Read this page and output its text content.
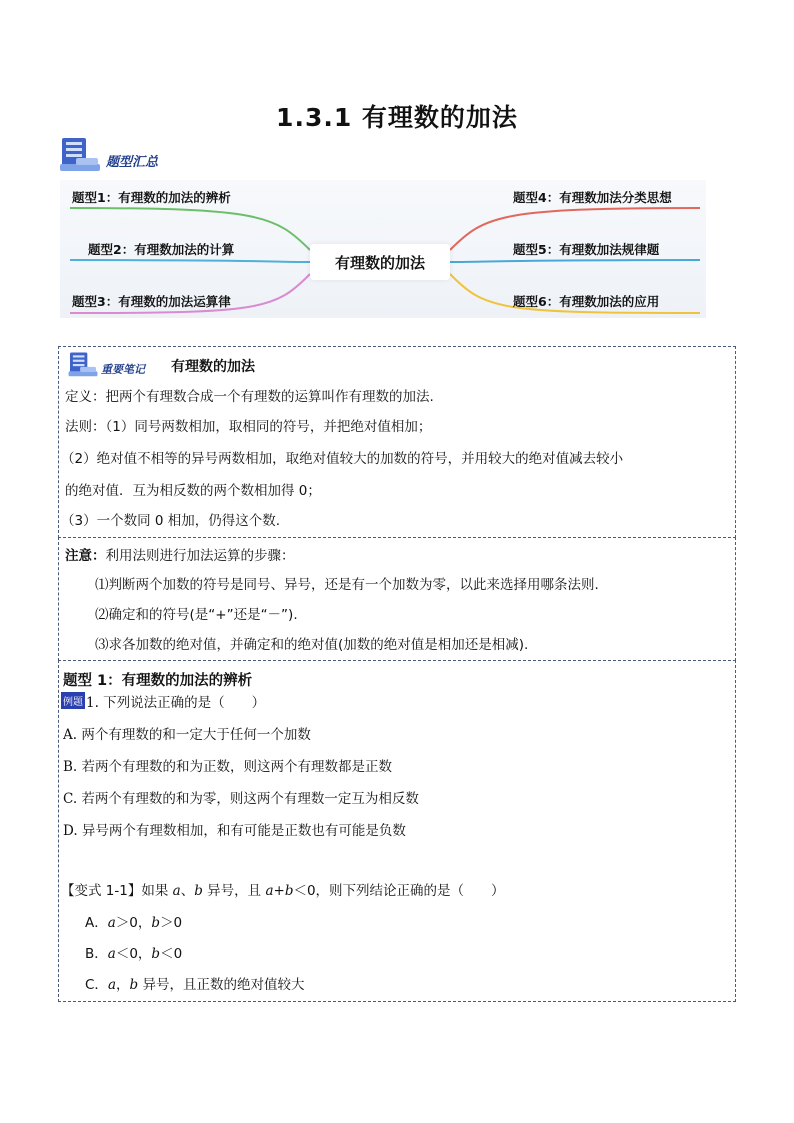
1.3.1 有理数的加法
题型汇总
题型1：有理数的加法的辨析
题型2：有理数加法的计算
题型3：有理数的加法运算律
题型4：有理数加法分类思想
题型5：有理数加法规律题
题型6：有理数加法的应用
有理数的加法
重要笔记 有理数的加法
定义：把两个有理数合成一个有理数的运算叫作有理数的加法.
法则：（1）同号两数相加，取相同的符号，并把绝对值相加；
（2）绝对值不相等的异号两数相加，取绝对值较大的加数的符号，并用较大的绝对值减去较小
的绝对值．互为相反数的两个数相加得 0；
（3）一个数同 0 相加，仍得这个数.
注意：利用法则进行加法运算的步骤：
⑴判断两个加数的符号是同号、异号，还是有一个加数为零，以此来选择用哪条法则.
⑵确定和的符号(是“+”还是“－”).
⑶求各加数的绝对值，并确定和的绝对值(加数的绝对值是相加还是相减).
题型 1：有理数的加法的辨析
例题 1. 下列说法正确的是（　　）
A. 两个有理数的和一定大于任何一个加数
B. 若两个有理数的和为正数，则这两个有理数都是正数
C. 若两个有理数的和为零，则这两个有理数一定互为相反数
D. 异号两个有理数相加，和有可能是正数也有可能是负数
【变式 1-1】如果 a、b 异号，且 a+b＜0，则下列结论正确的是（　　）
A．a＞0，b＞0
B．a＜0，b＜0
C．a，b 异号，且正数的绝对值较大
